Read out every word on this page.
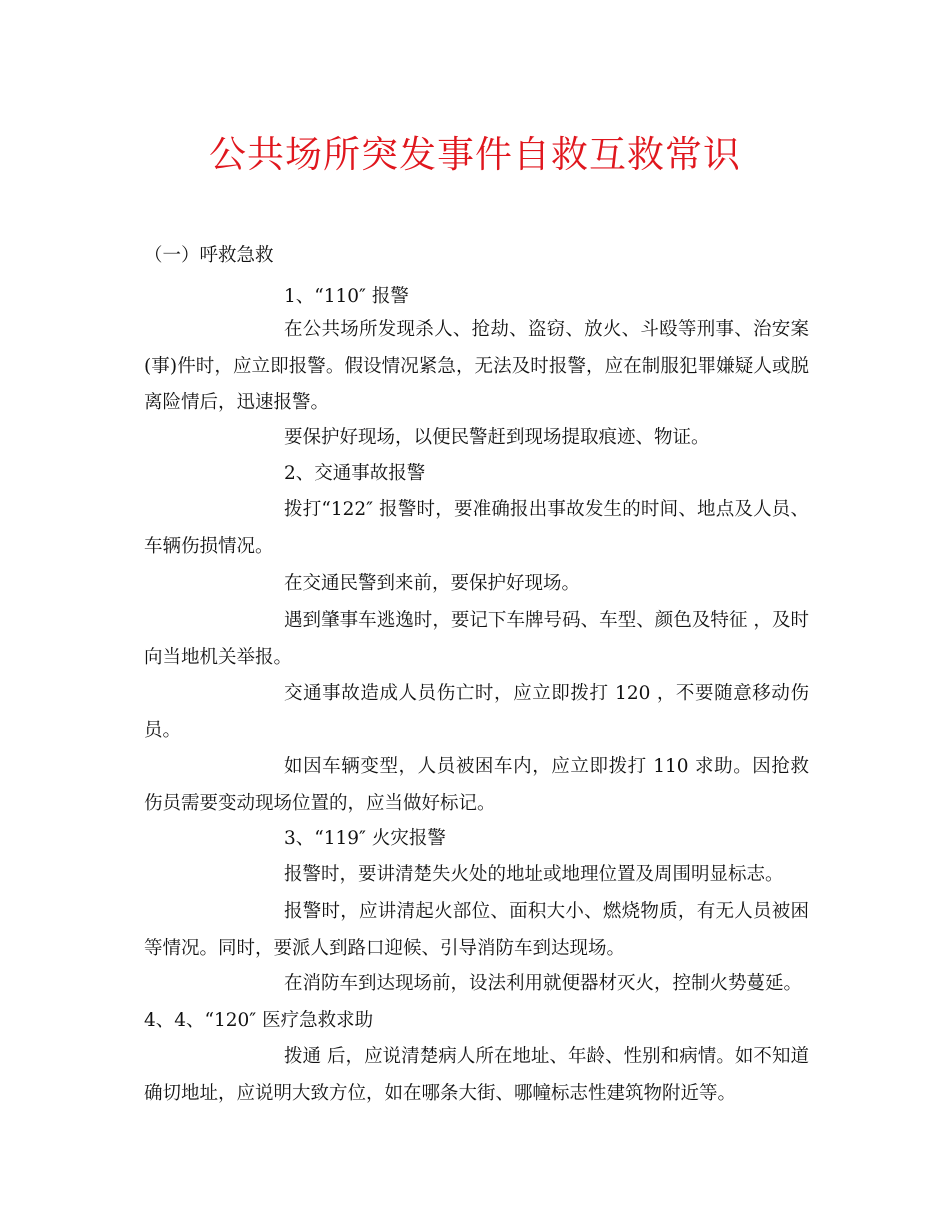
公共场所突发事件自救互救常识
（一）呼救急救
1、“110″ 报警
在公共场所发现杀人、抢劫、盗窃、放火、斗殴等刑事、治安案(事)件时，应立即报警。假设情况紧急，无法及时报警，应在制服犯罪嫌疑人或脱离险情后，迅速报警。
要保护好现场，以便民警赶到现场提取痕迹、物证。
2、交通事故报警
拨打“122″ 报警时，要准确报出事故发生的时间、地点及人员、车辆伤损情况。
在交通民警到来前，要保护好现场。
遇到肇事车逃逸时，要记下车牌号码、车型、颜色及特征 ，及时向当地机关举报。
交通事故造成人员伤亡时，应立即拨打 120 ，不要随意移动伤员。
如因车辆变型，人员被困车内，应立即拨打 110 求助。因抢救伤员需要变动现场位置的，应当做好标记。
3、“119″ 火灾报警
报警时，要讲清楚失火处的地址或地理位置及周围明显标志。
报警时，应讲清起火部位、面积大小、燃烧物质，有无人员被困等情况。同时，要派人到路口迎候、引导消防车到达现场。
在消防车到达现场前，设法利用就便器材灭火，控制火势蔓延。
4、4、“120″ 医疗急救求助
拨通 后，应说清楚病人所在地址、年龄、性别和病情。如不知道确切地址，应说明大致方位，如在哪条大街、哪幢标志性建筑物附近等。
